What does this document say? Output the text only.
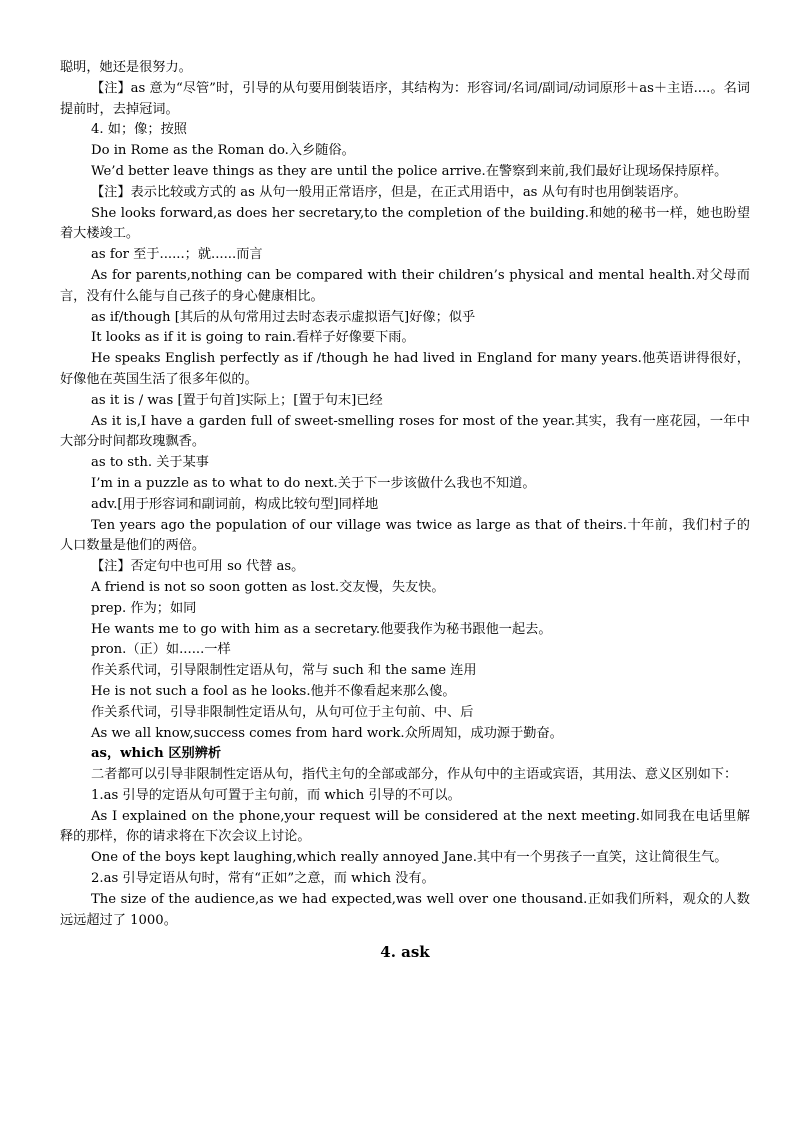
聪明，她还是很努力。

【注】as 意为“尽管”时，引导的从句要用倒装语序，其结构为：形容词/名词/副词/动词原形＋as＋主语....。名词提前时，去掉冠词。

4. 如；像；按照

Do in Rome as the Roman do.入乡随俗。

We’d better leave things as they are until the police arrive.在警察到来前,我们最好让现场保持原样。

【注】表示比较或方式的 as 从句一般用正常语序，但是，在正式用语中，as 从句有时也用倒装语序。

She looks forward,as does her secretary,to the completion of the building.和她的秘书一样，她也盼望着大楼竣工。

as for 至于......；就......而言

As for parents,nothing can be compared with their children’s physical and mental health.对父母而言，没有什么能与自己孩子的身心健康相比。

as if/though [其后的从句常用过去时态表示虚拟语气]好像；似乎

It looks as if it is going to rain.看样子好像要下雨。

He speaks English perfectly as if /though he had lived in England for many years.他英语讲得很好，好像他在英国生活了很多年似的。

as it is / was [置于句首]实际上；[置于句末]已经

As it is,I have a garden full of sweet-smelling roses for most of the year.其实，我有一座花园，一年中大部分时间都玫瑰飘香。

as to sth. 关于某事

I’m in a puzzle as to what to do next.关于下一步该做什么我也不知道。

adv.[用于形容词和副词前，构成比较句型]同样地

Ten years ago the population of our village was twice as large as that of theirs.十年前，我们村子的人口数量是他们的两倍。

【注】否定句中也可用 so 代替 as。

A friend is not so soon gotten as lost.交友慢，失友快。

prep. 作为；如同

He wants me to go with him as a secretary.他要我作为秘书跟他一起去。

pron.（正）如......一样

作关系代词，引导限制性定语从句，常与 such 和 the same 连用

He is not such a fool as he looks.他并不像看起来那么傻。

作关系代词，引导非限制性定语从句，从句可位于主句前、中、后

As we all know,success comes from hard work.众所周知，成功源于勤奋。

as，which 区别辨析

二者都可以引导非限制性定语从句，指代主句的全部或部分，作从句中的主语或宾语，其用法、意义区别如下：

1.as 引导的定语从句可置于主句前，而 which 引导的不可以。

As I explained on the phone,your request will be considered at the next meeting.如同我在电话里解释的那样，你的请求将在下次会议上讨论。

One of the boys kept laughing,which really annoyed Jane.其中有一个男孩子一直笑，这让简很生气。

2.as 引导定语从句时，常有“正如”之意，而 which 没有。

The size of the audience,as we had expected,was well over one thousand.正如我们所料，观众的人数远远超过了 1000。

4. ask
